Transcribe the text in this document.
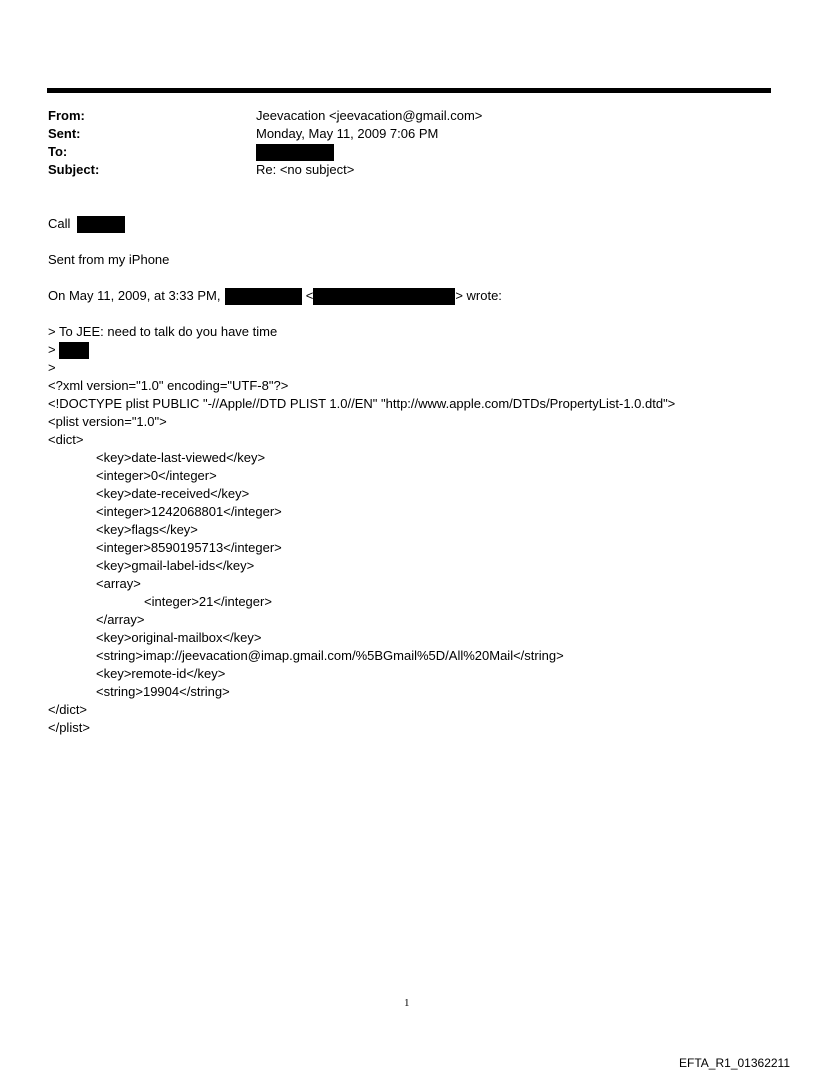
From:	Jeevacation <jeevacation@gmail.com>
Sent:	Monday, May 11, 2009 7:06 PM
To:
Subject:	Re: <no subject>
Call
Sent from my iPhone
On May 11, 2009, at 3:33 PM,	<	> wrote:
> To JEE: need to talk do you have time
>
>
<?xml version="1.0" encoding="UTF-8"?>
<!DOCTYPE plist PUBLIC "-//Apple//DTD PLIST 1.0//EN" "http://www.apple.com/DTDs/PropertyList-1.0.dtd">
<plist version="1.0">
<dict>
<key>date-last-viewed</key>
<integer>0</integer>
<key>date-received</key>
<integer>1242068801</integer>
<key>flags</key>
<integer>8590195713</integer>
<key>gmail-label-ids</key>
<array>
<integer>21</integer>
</array>
<key>original-mailbox</key>
<string>imap://jeevacation@imap.gmail.com/%5BGmail%5D/All%20Mail</string>
<key>remote-id</key>
<string>19904</string>
</dict>
</plist>
1
EFTA_R1_01362211
